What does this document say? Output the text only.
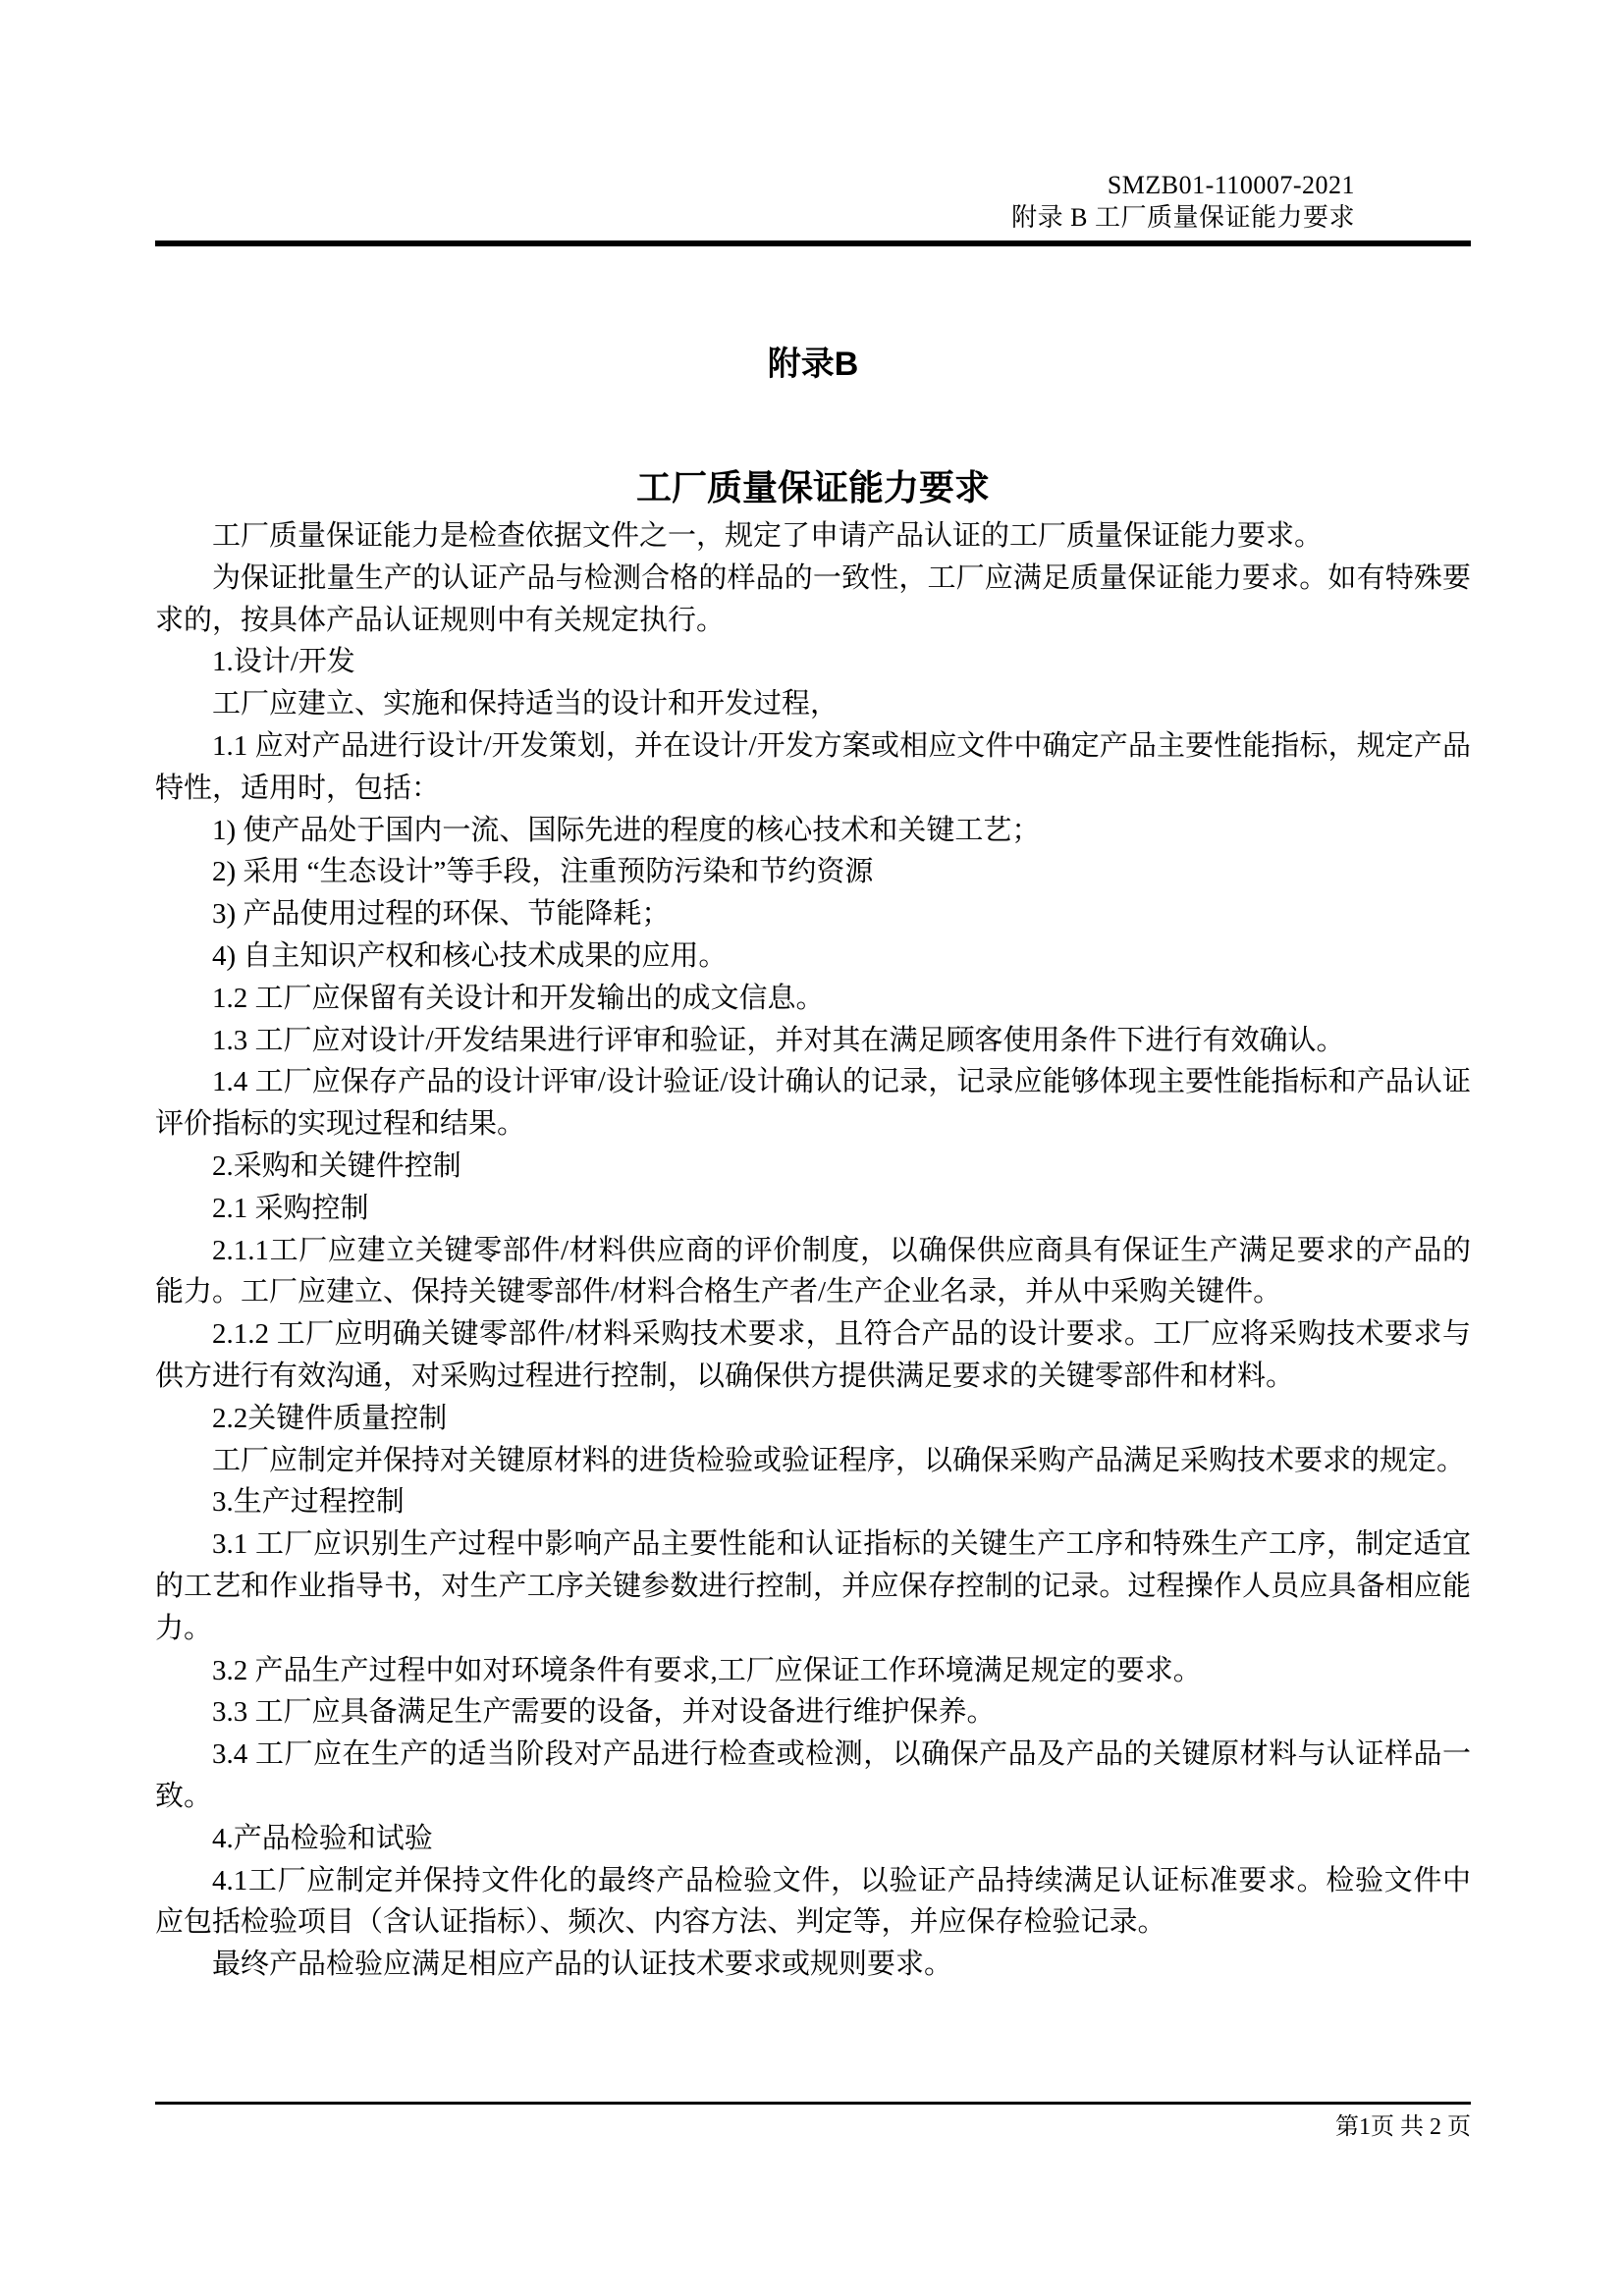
SMZB01-110007-2021
附录 B 工厂质量保证能力要求
附录B
工厂质量保证能力要求

工厂质量保证能力是检查依据文件之一，规定了申请产品认证的工厂质量保证能力要求。

为保证批量生产的认证产品与检测合格的样品的一致性，工厂应满足质量保证能力要求。如有特殊要求的，按具体产品认证规则中有关规定执行。

1.设计/开发

工厂应建立、实施和保持适当的设计和开发过程，

1.1 应对产品进行设计/开发策划，并在设计/开发方案或相应文件中确定产品主要性能指标，规定产品特性，适用时，包括：

1) 使产品处于国内一流、国际先进的程度的核心技术和关键工艺；

2) 采用 “生态设计”等手段，注重预防污染和节约资源

3) 产品使用过程的环保、节能降耗；

4) 自主知识产权和核心技术成果的应用。

1.2 工厂应保留有关设计和开发输出的成文信息。

1.3 工厂应对设计/开发结果进行评审和验证，并对其在满足顾客使用条件下进行有效确认。

1.4 工厂应保存产品的设计评审/设计验证/设计确认的记录，记录应能够体现主要性能指标和产品认证评价指标的实现过程和结果。

2.采购和关键件控制

2.1 采购控制

2.1.1工厂应建立关键零部件/材料供应商的评价制度，以确保供应商具有保证生产满足要求的产品的能力。工厂应建立、保持关键零部件/材料合格生产者/生产企业名录，并从中采购关键件。

2.1.2 工厂应明确关键零部件/材料采购技术要求，且符合产品的设计要求。工厂应将采购技术要求与供方进行有效沟通，对采购过程进行控制，以确保供方提供满足要求的关键零部件和材料。

2.2关键件质量控制

工厂应制定并保持对关键原材料的进货检验或验证程序，以确保采购产品满足采购技术要求的规定。

3.生产过程控制

3.1 工厂应识别生产过程中影响产品主要性能和认证指标的关键生产工序和特殊生产工序，制定适宜的工艺和作业指导书，对生产工序关键参数进行控制，并应保存控制的记录。过程操作人员应具备相应能力。

3.2 产品生产过程中如对环境条件有要求,工厂应保证工作环境满足规定的要求。

3.3 工厂应具备满足生产需要的设备，并对设备进行维护保养。

3.4 工厂应在生产的适当阶段对产品进行检查或检测，以确保产品及产品的关键原材料与认证样品一致。

4.产品检验和试验

4.1工厂应制定并保持文件化的最终产品检验文件，以验证产品持续满足认证标准要求。检验文件中应包括检验项目（含认证指标）、频次、内容方法、判定等，并应保存检验记录。

最终产品检验应满足相应产品的认证技术要求或规则要求。

第1页 共 2 页
